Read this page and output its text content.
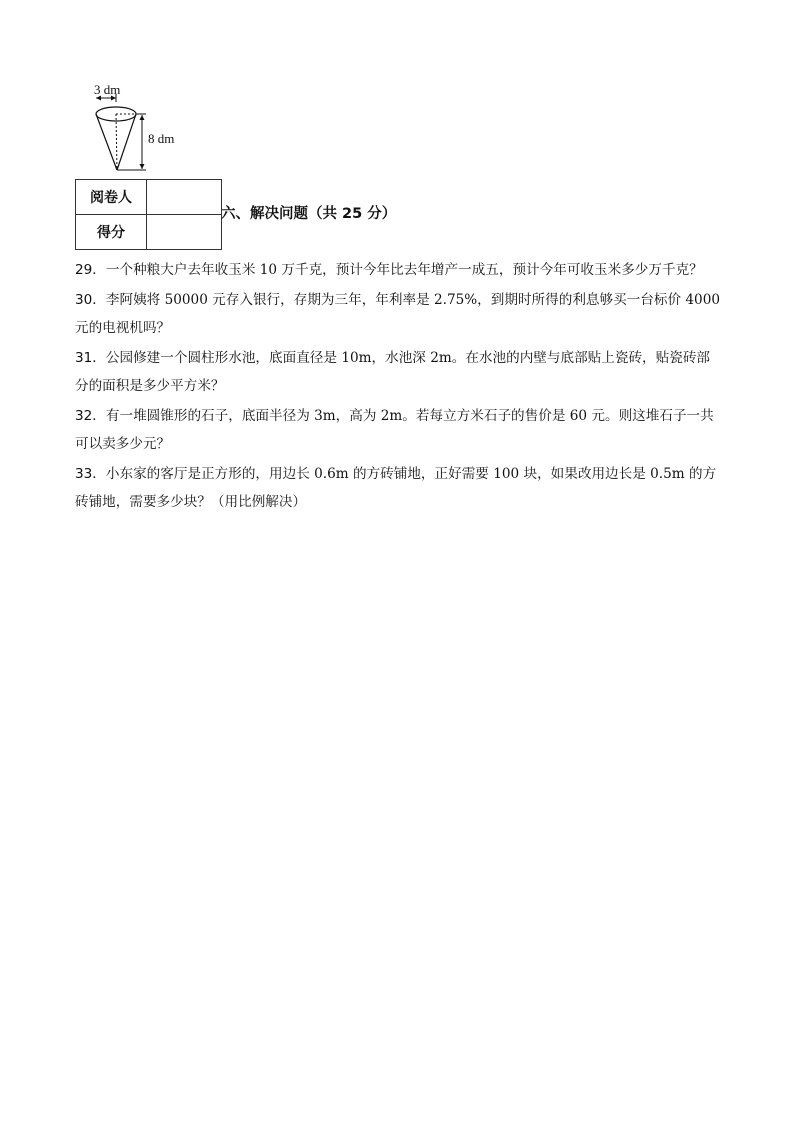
3 dm
8 dm
阅卷人	
得分	
六、解决问题（共 25 分）
29．一个种粮大户去年收玉米 10 万千克，预计今年比去年增产一成五，预计今年可收玉米多少万千克？
30．李阿姨将 50000 元存入银行，存期为三年，年利率是 2.75%，到期时所得的利息够买一台标价 4000
元的电视机吗？
31．公园修建一个圆柱形水池，底面直径是 10m，水池深 2m。在水池的内壁与底部贴上瓷砖，贴瓷砖部
分的面积是多少平方米？
32．有一堆圆锥形的石子，底面半径为 3m，高为 2m。若每立方米石子的售价是 60 元。则这堆石子一共
可以卖多少元？
33．小东家的客厅是正方形的，用边长 0.6m 的方砖铺地，正好需要 100 块，如果改用边长是 0.5m 的方
砖铺地，需要多少块？（用比例解决）
